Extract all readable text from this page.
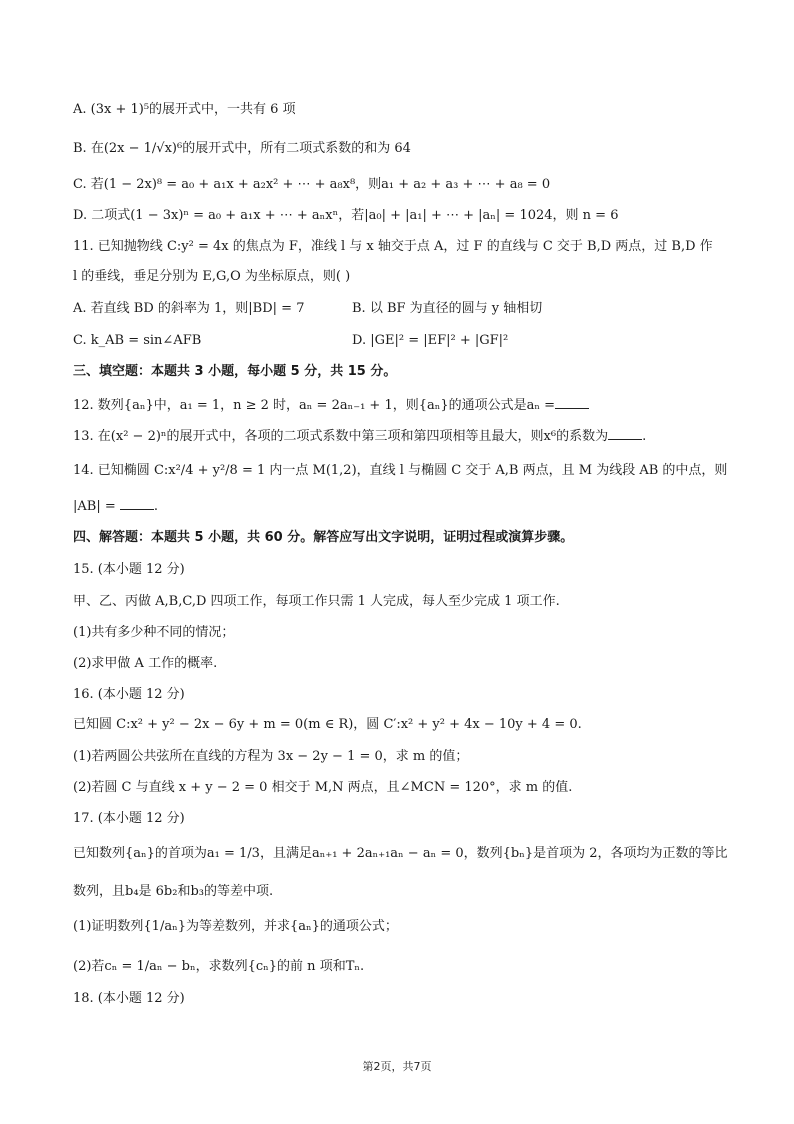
A. (3x + 1)⁵的展开式中，一共有 6 项
B. 在(2x − 1/√x)⁶的展开式中，所有二项式系数的和为 64
C. 若(1 − 2x)⁸ = a₀ + a₁x + a₂x² + ⋯ + a₈x⁸，则a₁ + a₂ + a₃ + ⋯ + a₈ = 0
D. 二项式(1 − 3x)ⁿ = a₀ + a₁x + ⋯ + aₙxⁿ，若|a₀| + |a₁| + ⋯ + |aₙ| = 1024，则 n = 6
11. 已知抛物线 C:y² = 4x 的焦点为 F，准线 l 与 x 轴交于点 A，过 F 的直线与 C 交于 B,D 两点，过 B,D 作
l 的垂线，垂足分别为 E,G,O 为坐标原点，则( )
A. 若直线 BD 的斜率为 1，则|BD| = 7	B. 以 BF 为直径的圆与 y 轴相切
C. k_AB = sin∠AFB	D. |GE|² = |EF|² + |GF|²
三、填空题：本题共 3 小题，每小题 5 分，共 15 分。
12. 数列{aₙ}中，a₁ = 1，n ≥ 2 时，aₙ = 2aₙ₋₁ + 1，则{aₙ}的通项公式是aₙ =
13. 在(x² − 2)ⁿ的展开式中，各项的二项式系数中第三项和第四项相等且最大，则x⁶的系数为	.
14. 已知椭圆 C:x²/4 + y²/8 = 1 内一点 M(1,2)，直线 l 与椭圆 C 交于 A,B 两点，且 M 为线段 AB 的中点，则
|AB| =	.
四、解答题：本题共 5 小题，共 60 分。解答应写出文字说明，证明过程或演算步骤。
15. (本小题 12 分)
甲、乙、丙做 A,B,C,D 四项工作，每项工作只需 1 人完成，每人至少完成 1 项工作.
(1)共有多少种不同的情况；
(2)求甲做 A 工作的概率.
16. (本小题 12 分)
已知圆 C:x² + y² − 2x − 6y + m = 0(m ∈ R)，圆 C′:x² + y² + 4x − 10y + 4 = 0.
(1)若两圆公共弦所在直线的方程为 3x − 2y − 1 = 0，求 m 的值；
(2)若圆 C 与直线 x + y − 2 = 0 相交于 M,N 两点，且∠MCN = 120°，求 m 的值.
17. (本小题 12 分)
已知数列{aₙ}的首项为a₁ = 1/3，且满足aₙ₊₁ + 2aₙ₊₁aₙ − aₙ = 0，数列{bₙ}是首项为 2，各项均为正数的等比
数列，且b₄是 6b₂和b₃的等差中项.
(1)证明数列{1/aₙ}为等差数列，并求{aₙ}的通项公式；
(2)若cₙ = 1/aₙ − bₙ，求数列{cₙ}的前 n 项和Tₙ.
18. (本小题 12 分)
第2页，共7页
